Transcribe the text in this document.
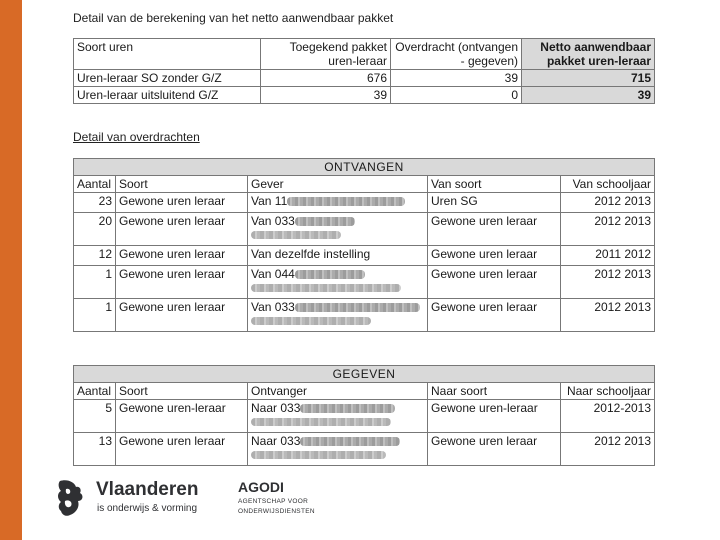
Detail van de berekening van het netto aanwendbaar pakket
Soort uren	Toegekend pakket uren-leraar	Overdracht (ontvangen - gegeven)	Netto aanwendbaar pakket uren-leraar
Uren-leraar SO zonder G/Z	676	39	715
Uren-leraar uitsluitend G/Z	39	0	39
Detail van overdrachten
ONTVANGEN				
Aantal	Soort	Gever	Van soort	Van schooljaar
23	Gewone uren leraar	Van 11	Uren SG	2012 2013
20	Gewone uren leraar	Van 033	Gewone uren leraar	2012 2013
12	Gewone uren leraar	Van dezelfde instelling	Gewone uren leraar	2011 2012
1	Gewone uren leraar	Van 044	Gewone uren leraar	2012 2013
1	Gewone uren leraar	Van 033	Gewone uren leraar	2012 2013
GEGEVEN				
Aantal	Soort	Ontvanger	Naar soort	Naar schooljaar
5	Gewone uren-leraar	Naar 033	Gewone uren-leraar	2012-2013
13	Gewone uren leraar	Naar 033	Gewone uren leraar	2012 2013
Vlaanderen
is onderwijs & vorming
AGODI
AGENTSCHAP VOOR ONDERWIJSDIENSTEN
